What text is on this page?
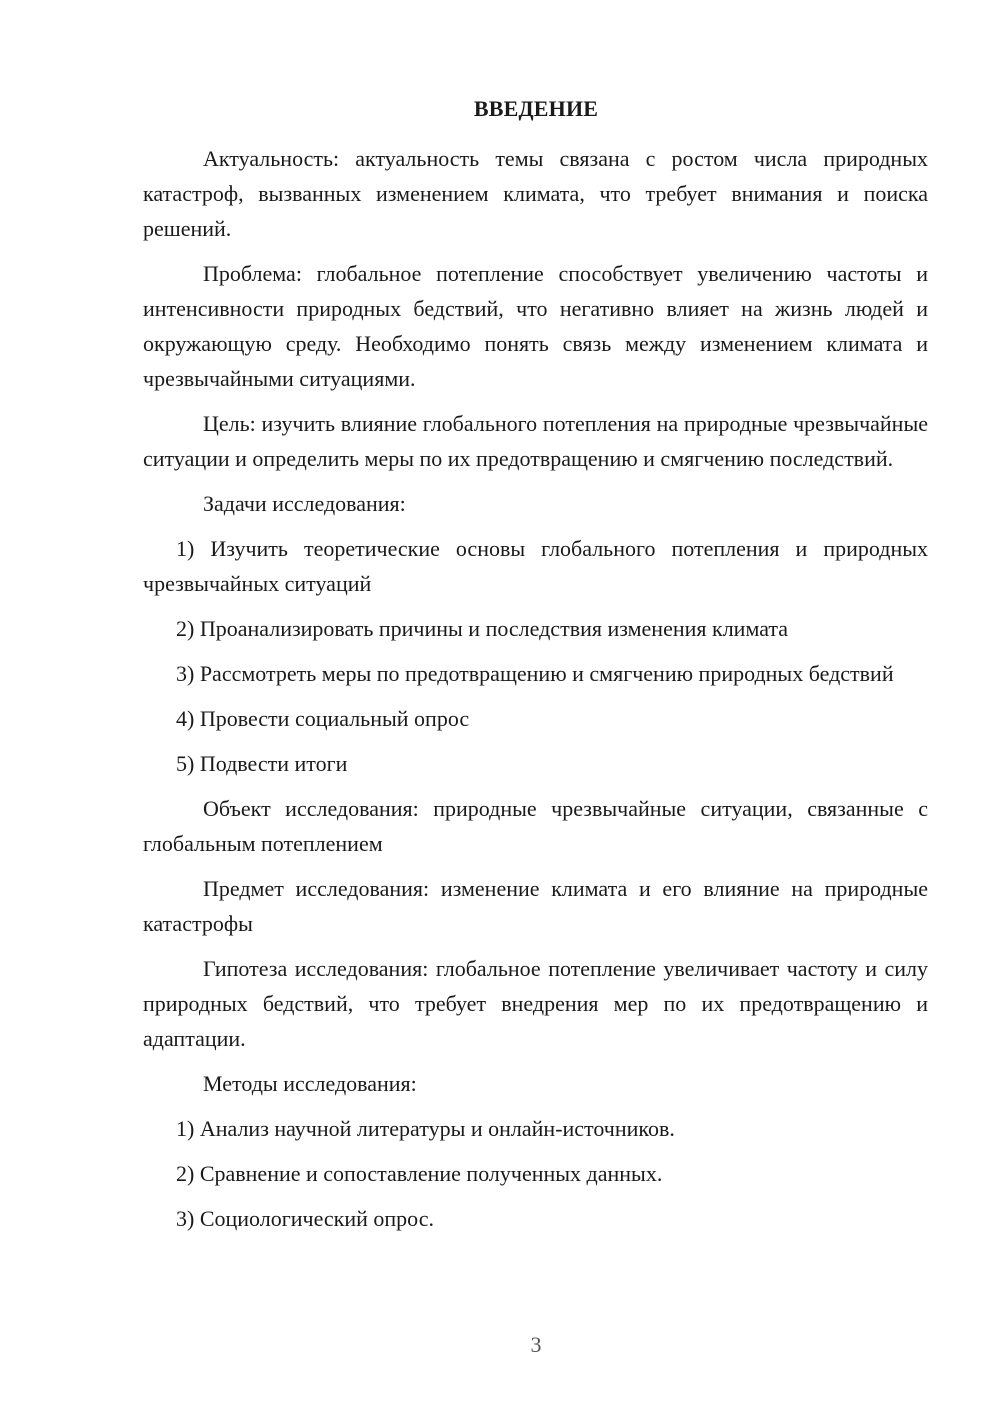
ВВЕДЕНИЕ

Актуальность: актуальность темы связана с ростом числа природных катастроф, вызванных изменением климата, что требует внимания и поиска решений.

Проблема: глобальное потепление способствует увеличению частоты и интенсивности природных бедствий, что негативно влияет на жизнь людей и окружающую среду. Необходимо понять связь между изменением климата и чрезвычайными ситуациями.

Цель: изучить влияние глобального потепления на природные чрезвычайные ситуации и определить меры по их предотвращению и смягчению последствий.

Задачи исследования:

1) Изучить теоретические основы глобального потепления и природных чрезвычайных ситуаций

2) Проанализировать причины и последствия изменения климата

3) Рассмотреть меры по предотвращению и смягчению природных бедствий

4) Провести социальный опрос

5) Подвести итоги

Объект исследования: природные чрезвычайные ситуации, связанные с глобальным потеплением

Предмет исследования: изменение климата и его влияние на природные катастрофы

Гипотеза исследования: глобальное потепление увеличивает частоту и силу природных бедствий, что требует внедрения мер по их предотвращению и адаптации.

Методы исследования:

1) Анализ научной литературы и онлайн-источников.

2) Сравнение и сопоставление полученных данных.

3) Социологический опрос.

3
